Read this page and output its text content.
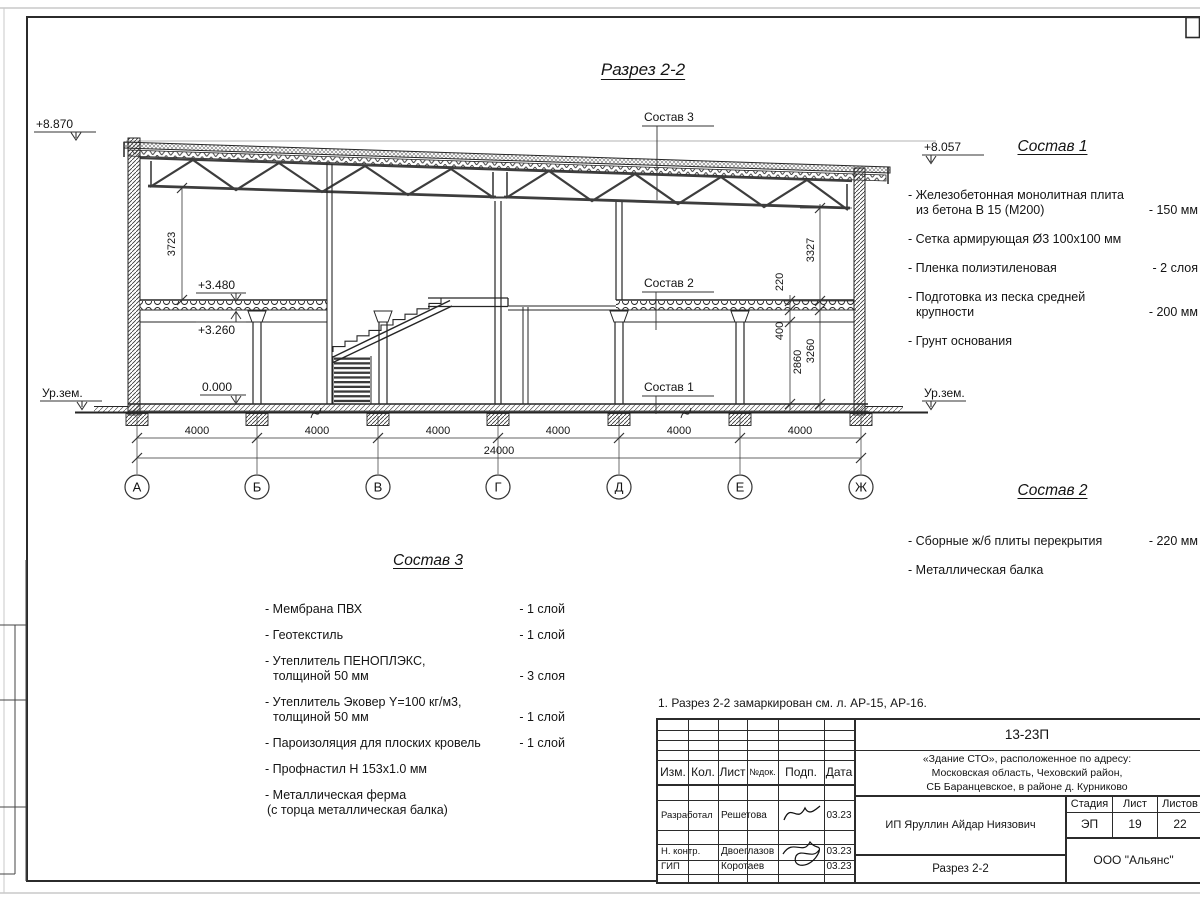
+8.870
+8.057
Ур.зем.	Ур.зем.
+3.480
+3.260
0.000
Состав 3
Состав 2
Состав 1
3723	3327
220
400
2860 3260
4000	4000	4000	4000	4000	4000
24000
А	Б	В	Г	Д	Е	Ж
Разрез 2-2
Состав 1
- Железобетонная монолитная плита
из бетона В 15 (М200)	- 150 мм
- Сетка армирующая Ø3 100х100 мм
- Пленка полиэтиленовая	- 2 слоя
- Подготовка из песка средней
крупности	- 200 мм
- Грунт основания
Состав 2
- Сборные ж/б плиты перекрытия	- 220 мм
- Металлическая балка
Состав 3
- Мембрана ПВХ	- 1 слой
- Геотекстиль	- 1 слой
- Утеплитель ПЕНОПЛЭКС,
толщиной 50 мм	- 3 слоя
- Утеплитель Эковер Y=100 кг/м3,
толщиной 50 мм	- 1 слой
- Пароизоляция для плоских кровель	- 1 слой
- Профнастил Н 153х1.0 мм
- Металлическая ферма
(с торца металлическая балка)
1. Разрез 2-2 замаркирован см. л. АР-15, АР-16.
Изм. Кол. Лист №док. Подп. Дата
Разработал Решетова	03.23
Н. контр.	Двоеглазов	03.23
ГИП	Коротаев	03.23
13-23П
«Здание СТО», расположенное по адресу:
Московская область, Чеховский район,
СБ Баранцевское, в районе д. Курниково
ИП Яруллин Айдар Ниязович
Стадия	Лист	Листов
ЭП	19	22
Разрез 2-2
ООО "Альянс"
